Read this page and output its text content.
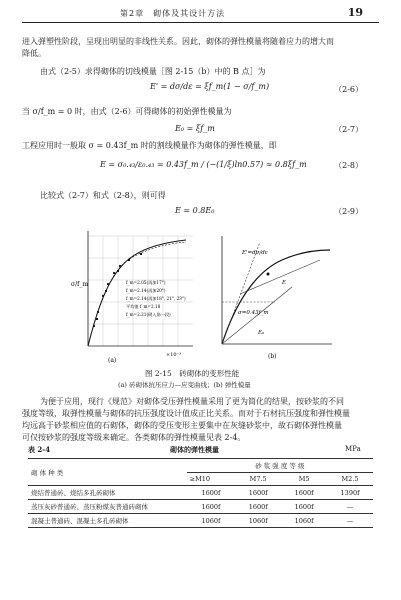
第2章　砌体及其设计方法	19
进入弹塑性阶段，呈现出明显的非线性关系。因此，砌体的弹性模量将随着应力的增大而
降低。
由式（2-5）求得砌体的切线模量［图 2-15（b）中的 B 点］为
E' = dσ/dε = ξf_m(1 − σ/f_m)	（2-6）
当 σ/f_m = 0 时，由式（2-6）可得砌体的初始弹性模量为
E₀ = ξf_m	（2-7）
工程应用时一般取 σ = 0.43f_m 时的割线模量作为砌体的弹性模量，即
E = σ₀.₄₃/ε₀.₄₃ = 0.43f_m / (−(1/ξ)ln0.57) ≈ 0.8ξf_m	（2-8）
比较式（2-7）和式（2-8），则可得
E = 0.8E₀	（2-9）
σ/f_m
×10⁻³
(a)
f_m=2.05(再加17°)
f_m=2.14(再加20°)
f_m=2.14(再加18°, 21°, 23°)
平均值 f_m=2.18
f_m=2.21(砌入筋一段)
E'=dσ/dε
σ=0.43f_m
E
E₀
(b)
图 2-15　砖砌体的变形性能
(a) 砖砌体抗压应力—应变曲线；(b) 弹性模量
为便于应用，现行《规范》对砌体受压弹性模量采用了更为简化的结果，按砂浆的不同
强度等级，取弹性模量与砌体的抗压强度设计值成正比关系。而对于石材抗压强度和弹性模量
均远高于砂浆相应值的石砌体，砌体的受压变形主要集中在灰缝砂浆中，故石砌体弹性模量
可仅按砂浆的强度等级来确定。各类砌体的弹性模量见表 2-4。
表 2-4	砌体的弹性模量	MPa
砌 体 种 类	砂 浆 强 度 等 级			
	≥M10	M7.5	M5	M2.5
烧结普通砖、烧结多孔砖砌体	1600f	1600f	1600f	1390f
蒸压灰砂普通砖、蒸压粉煤灰普通砖砌体	1600f	1600f	1600f	—
混凝土普通砖、混凝土多孔砖砌体	1060f	1060f	1060f	—
